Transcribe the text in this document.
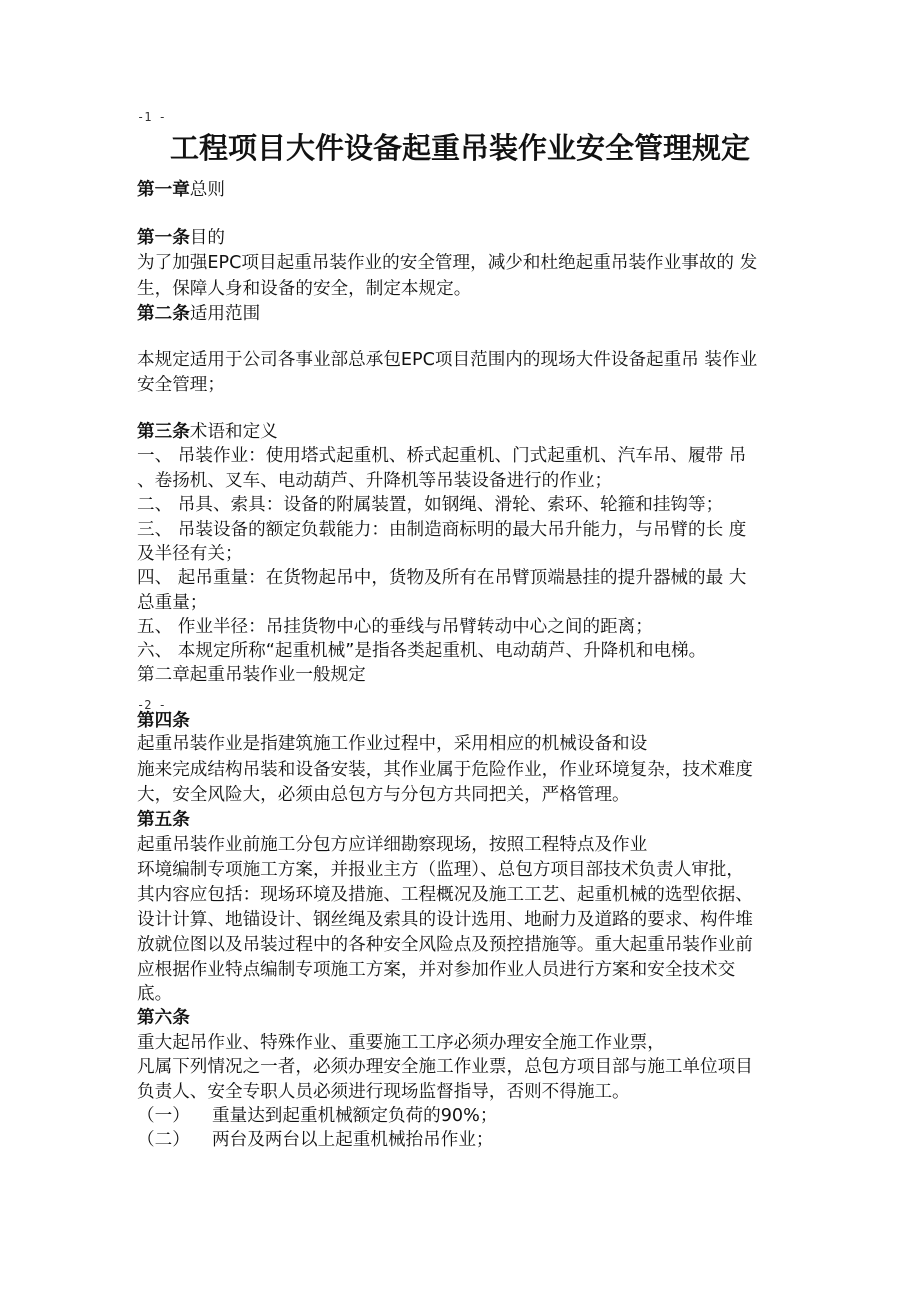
-1 -
工程项目大件设备起重吊装作业安全管理规定
-2 -
第一章总则
第一条目的
为了加强EPC项目起重吊装作业的安全管理，减少和杜绝起重吊装作业事故的 发
生，保障人身和设备的安全，制定本规定。
第二条适用范围
本规定适用于公司各事业部总承包EPC项目范围内的现场大件设备起重吊 装作业
安全管理；
第三条术语和定义
一、 吊装作业：使用塔式起重机、桥式起重机、门式起重机、汽车吊、履带 吊
、卷扬机、叉车、电动葫芦、升降机等吊装设备进行的作业；
二、 吊具、索具：设备的附属装置，如钢绳、滑轮、索环、轮箍和挂钩等；
三、 吊装设备的额定负载能力：由制造商标明的最大吊升能力，与吊臂的长 度
及半径有关；
四、 起吊重量：在货物起吊中，货物及所有在吊臂顶端悬挂的提升器械的最 大
总重量；
五、 作业半径：吊挂货物中心的垂线与吊臂转动中心之间的距离；
六、 本规定所称“起重机械”是指各类起重机、电动葫芦、升降机和电梯。
第二章起重吊装作业一般规定
第四条
起重吊装作业是指建筑施工作业过程中，采用相应的机械设备和设
施来完成结构吊装和设备安装，其作业属于危险作业，作业环境复杂，技术难度
大，安全风险大，必须由总包方与分包方共同把关，严格管理。
第五条
起重吊装作业前施工分包方应详细勘察现场，按照工程特点及作业
环境编制专项施工方案，并报业主方（监理）、总包方项目部技术负责人审批，
其内容应包括：现场环境及措施、工程概况及施工工艺、起重机械的选型依据、
设计计算、地锚设计、钢丝绳及索具的设计选用、地耐力及道路的要求、构件堆
放就位图以及吊装过程中的各种安全风险点及预控措施等。重大起重吊装作业前
应根据作业特点编制专项施工方案，并对参加作业人员进行方案和安全技术交
底。
第六条
重大起吊作业、特殊作业、重要施工工序必须办理安全施工作业票，
凡属下列情况之一者，必须办理安全施工作业票，总包方项目部与施工单位项目
负责人、安全专职人员必须进行现场监督指导，否则不得施工。
（一） 重量达到起重机械额定负荷的90%；
（二） 两台及两台以上起重机械抬吊作业；
